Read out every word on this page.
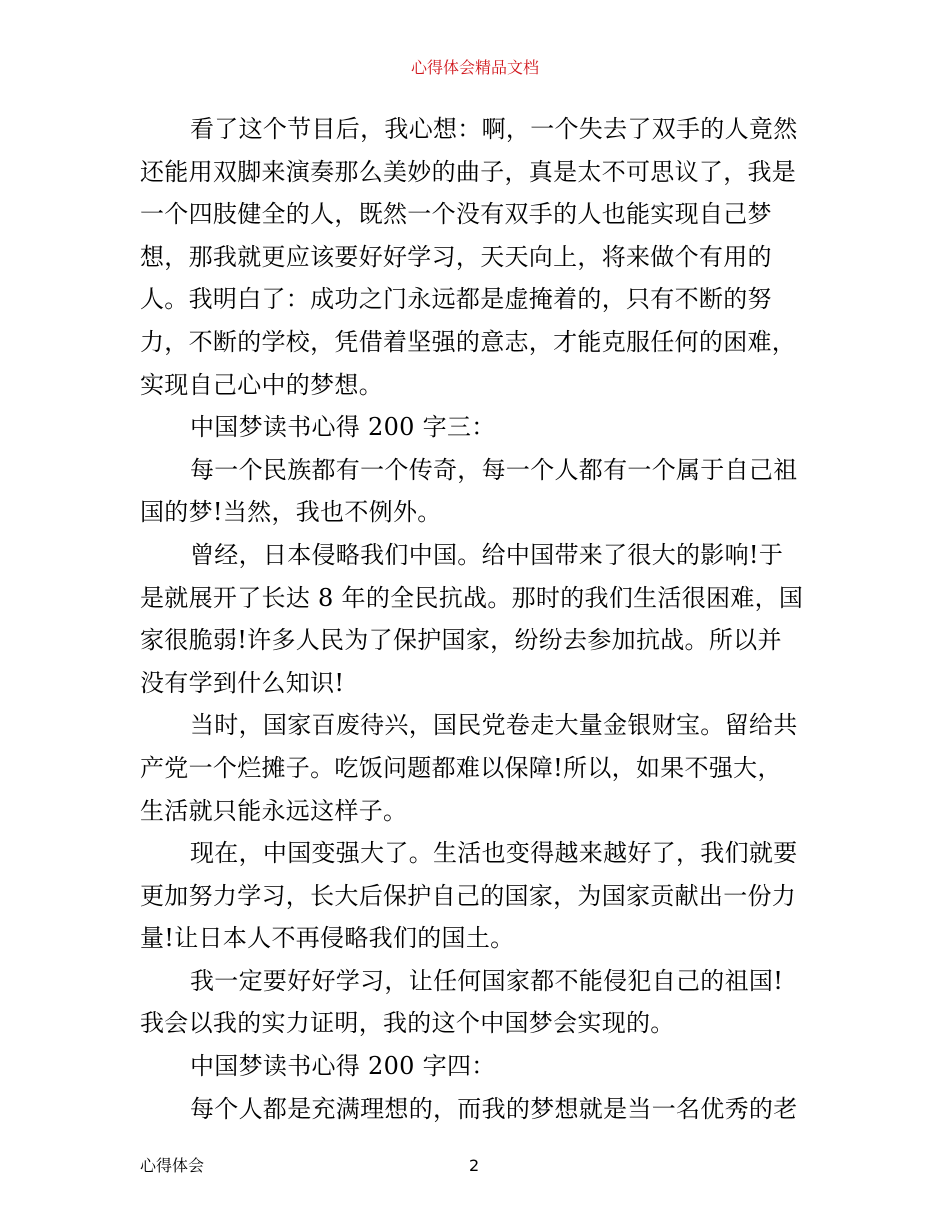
心得体会精品文档
看了这个节目后，我心想：啊，一个失去了双手的人竟然
还能用双脚来演奏那么美妙的曲子，真是太不可思议了，我是
一个四肢健全的人，既然一个没有双手的人也能实现自己梦
想，那我就更应该要好好学习，天天向上，将来做个有用的
人。我明白了：成功之门永远都是虚掩着的，只有不断的努
力，不断的学校，凭借着坚强的意志，才能克服任何的困难，
实现自己心中的梦想。
中国梦读书心得 200 字三：
每一个民族都有一个传奇，每一个人都有一个属于自己祖
国的梦!当然，我也不例外。
曾经，日本侵略我们中国。给中国带来了很大的影响!于
是就展开了长达 8 年的全民抗战。那时的我们生活很困难，国
家很脆弱!许多人民为了保护国家，纷纷去参加抗战。所以并
没有学到什么知识!
当时，国家百废待兴，国民党卷走大量金银财宝。留给共
产党一个烂摊子。吃饭问题都难以保障!所以，如果不强大，
生活就只能永远这样子。
现在，中国变强大了。生活也变得越来越好了，我们就要
更加努力学习，长大后保护自己的国家，为国家贡献出一份力
量!让日本人不再侵略我们的国土。
我一定要好好学习，让任何国家都不能侵犯自己的祖国!
我会以我的实力证明，我的这个中国梦会实现的。
中国梦读书心得 200 字四：
每个人都是充满理想的，而我的梦想就是当一名优秀的老
心得体会	2
